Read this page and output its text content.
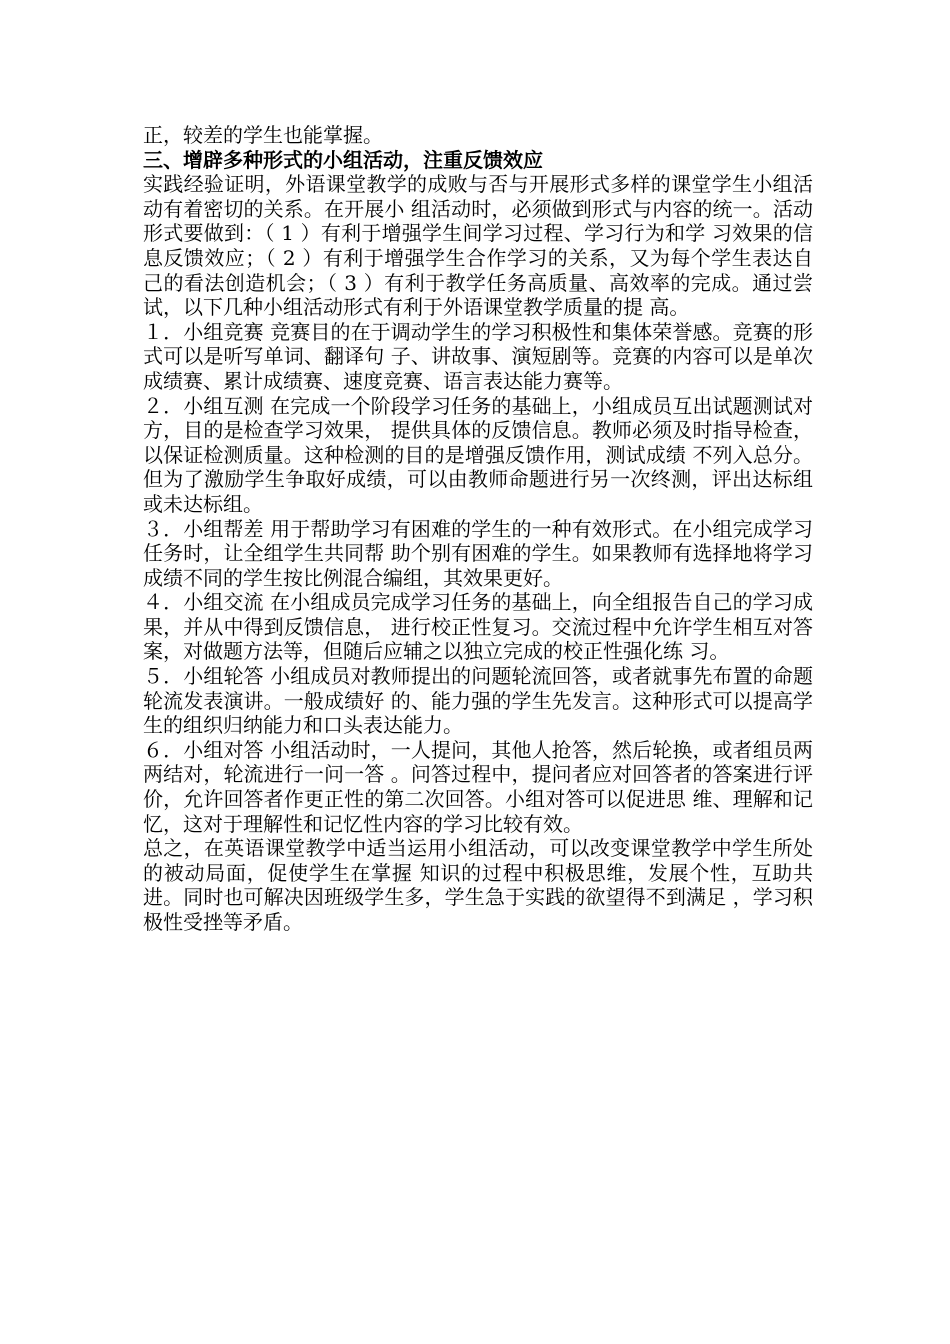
正，较差的学生也能掌握。

三、增辟多种形式的小组活动，注重反馈效应

实践经验证明，外语课堂教学的成败与否与开展形式多样的课堂学生小组活动有着密切的关系。在开展小 组活动时，必须做到形式与内容的统一。活动形式要做到：（ 1 ）有利于增强学生间学习过程、学习行为和学 习效果的信息反馈效应；（ 2 ）有利于增强学生合作学习的关系，又为每个学生表达自己的看法创造机会；（ 3 ）有利于教学任务高质量、高效率的完成。通过尝试，以下几种小组活动形式有利于外语课堂教学质量的提 高。

１．小组竞赛 竞赛目的在于调动学生的学习积极性和集体荣誉感。竞赛的形式可以是听写单词、翻译句 子、讲故事、演短剧等。竞赛的内容可以是单次成绩赛、累计成绩赛、速度竞赛、语言表达能力赛等。

２．小组互测 在完成一个阶段学习任务的基础上，小组成员互出试题测试对方，目的是检查学习效果， 提供具体的反馈信息。教师必须及时指导检查，以保证检测质量。这种检测的目的是增强反馈作用，测试成绩 不列入总分。但为了激励学生争取好成绩，可以由教师命题进行另一次终测，评出达标组或未达标组。

３．小组帮差 用于帮助学习有困难的学生的一种有效形式。在小组完成学习任务时，让全组学生共同帮 助个别有困难的学生。如果教师有选择地将学习成绩不同的学生按比例混合编组，其效果更好。

４．小组交流 在小组成员完成学习任务的基础上，向全组报告自己的学习成果，并从中得到反馈信息， 进行校正性复习。交流过程中允许学生相互对答案，对做题方法等，但随后应辅之以独立完成的校正性强化练 习。

５．小组轮答 小组成员对教师提出的问题轮流回答，或者就事先布置的命题轮流发表演讲。一般成绩好 的、能力强的学生先发言。这种形式可以提高学生的组织归纳能力和口头表达能力。

６．小组对答 小组活动时，一人提问，其他人抢答，然后轮换，或者组员两两结对，轮流进行一问一答 。问答过程中，提问者应对回答者的答案进行评价，允许回答者作更正性的第二次回答。小组对答可以促进思 维、理解和记忆，这对于理解性和记忆性内容的学习比较有效。

总之，在英语课堂教学中适当运用小组活动，可以改变课堂教学中学生所处的被动局面，促使学生在掌握 知识的过程中积极思维，发展个性，互助共进。同时也可解决因班级学生多，学生急于实践的欲望得不到满足 ，学习积极性受挫等矛盾。
